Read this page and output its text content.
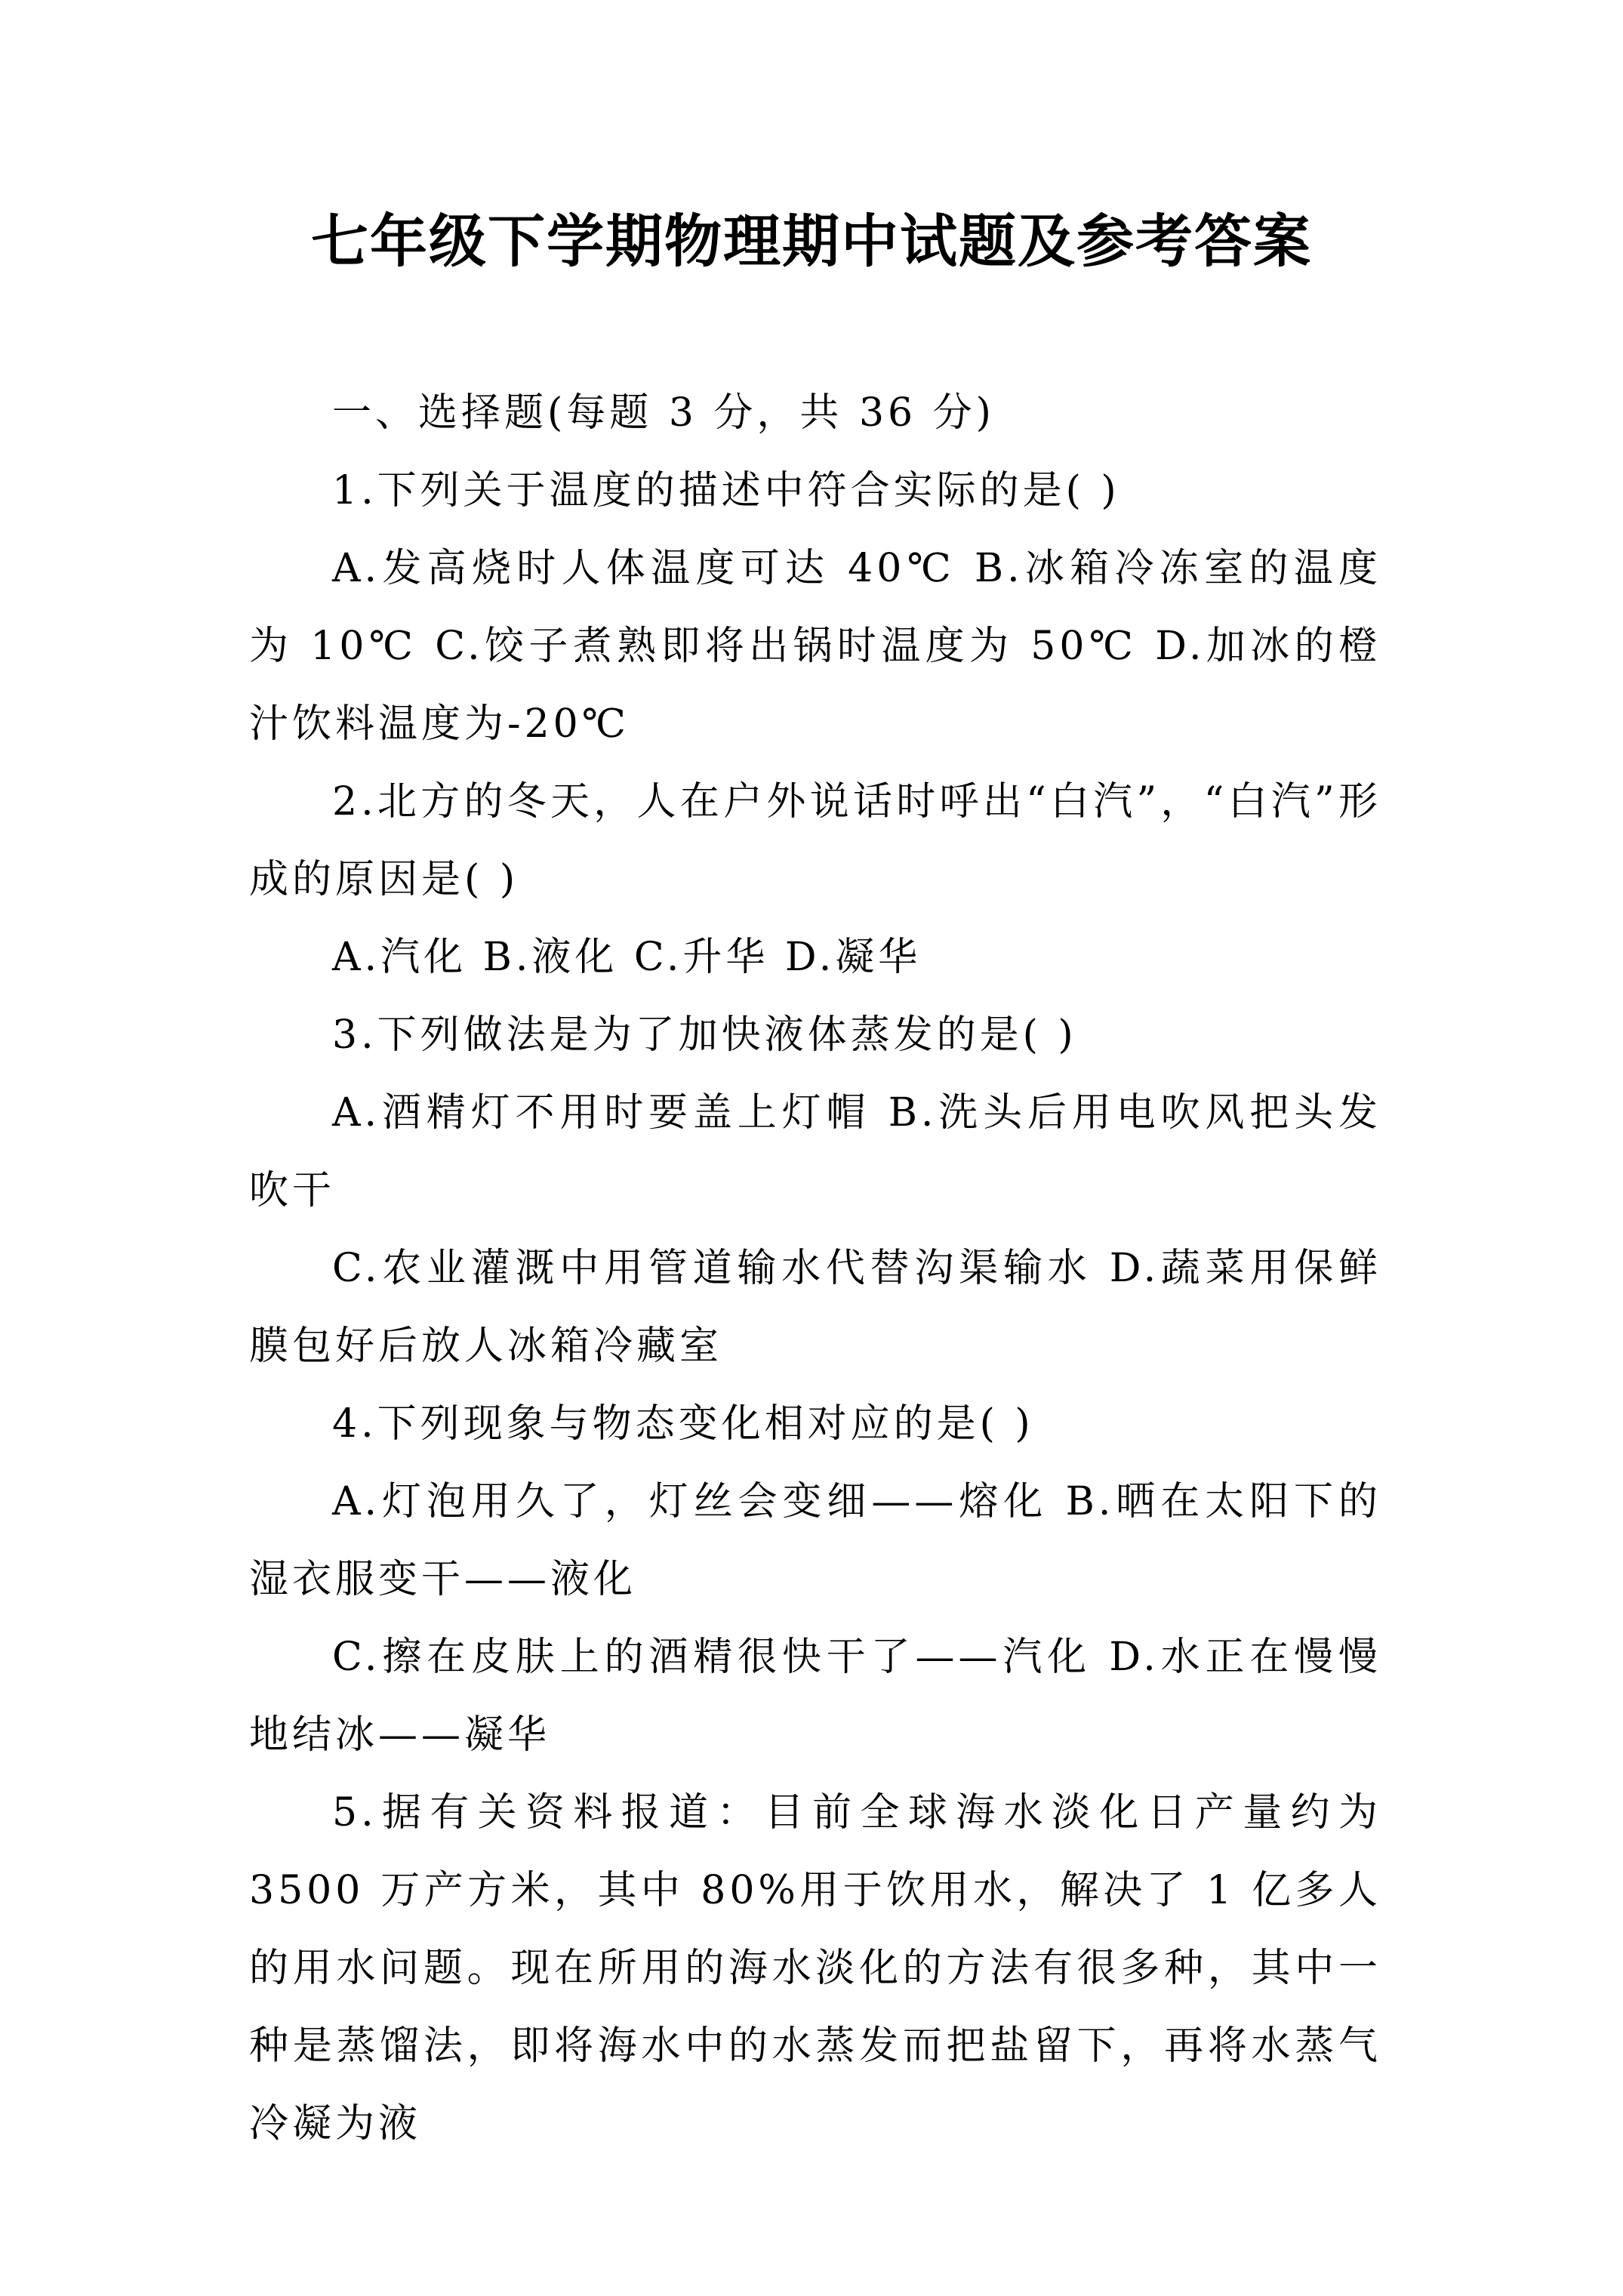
七年级下学期物理期中试题及参考答案

一、选择题(每题 3 分，共 36 分)

1.下列关于温度的描述中符合实际的是( )

A.发高烧时人体温度可达 40℃ B.冰箱冷冻室的温度为 10℃ C.饺子煮熟即将出锅时温度为 50℃ D.加冰的橙汁饮料温度为-20℃

2.北方的冬天，人在户外说话时呼出“白汽”，“白汽”形成的原因是( )

A.汽化 B.液化 C.升华 D.凝华

3.下列做法是为了加快液体蒸发的是( )

A.酒精灯不用时要盖上灯帽 B.洗头后用电吹风把头发吹干

C.农业灌溉中用管道输水代替沟渠输水 D.蔬菜用保鲜膜包好后放人冰箱冷藏室

4.下列现象与物态变化相对应的是( )

A.灯泡用久了，灯丝会变细——熔化 B.晒在太阳下的湿衣服变干——液化

C.擦在皮肤上的酒精很快干了——汽化 D.水正在慢慢地结冰——凝华

5.据有关资料报道：目前全球海水淡化日产量约为 3500 万产方米，其中 80%用于饮用水，解决了 1 亿多人的用水问题。现在所用的海水淡化的方法有很多种，其中一种是蒸馏法，即将海水中的水蒸发而把盐留下，再将水蒸气冷凝为液
